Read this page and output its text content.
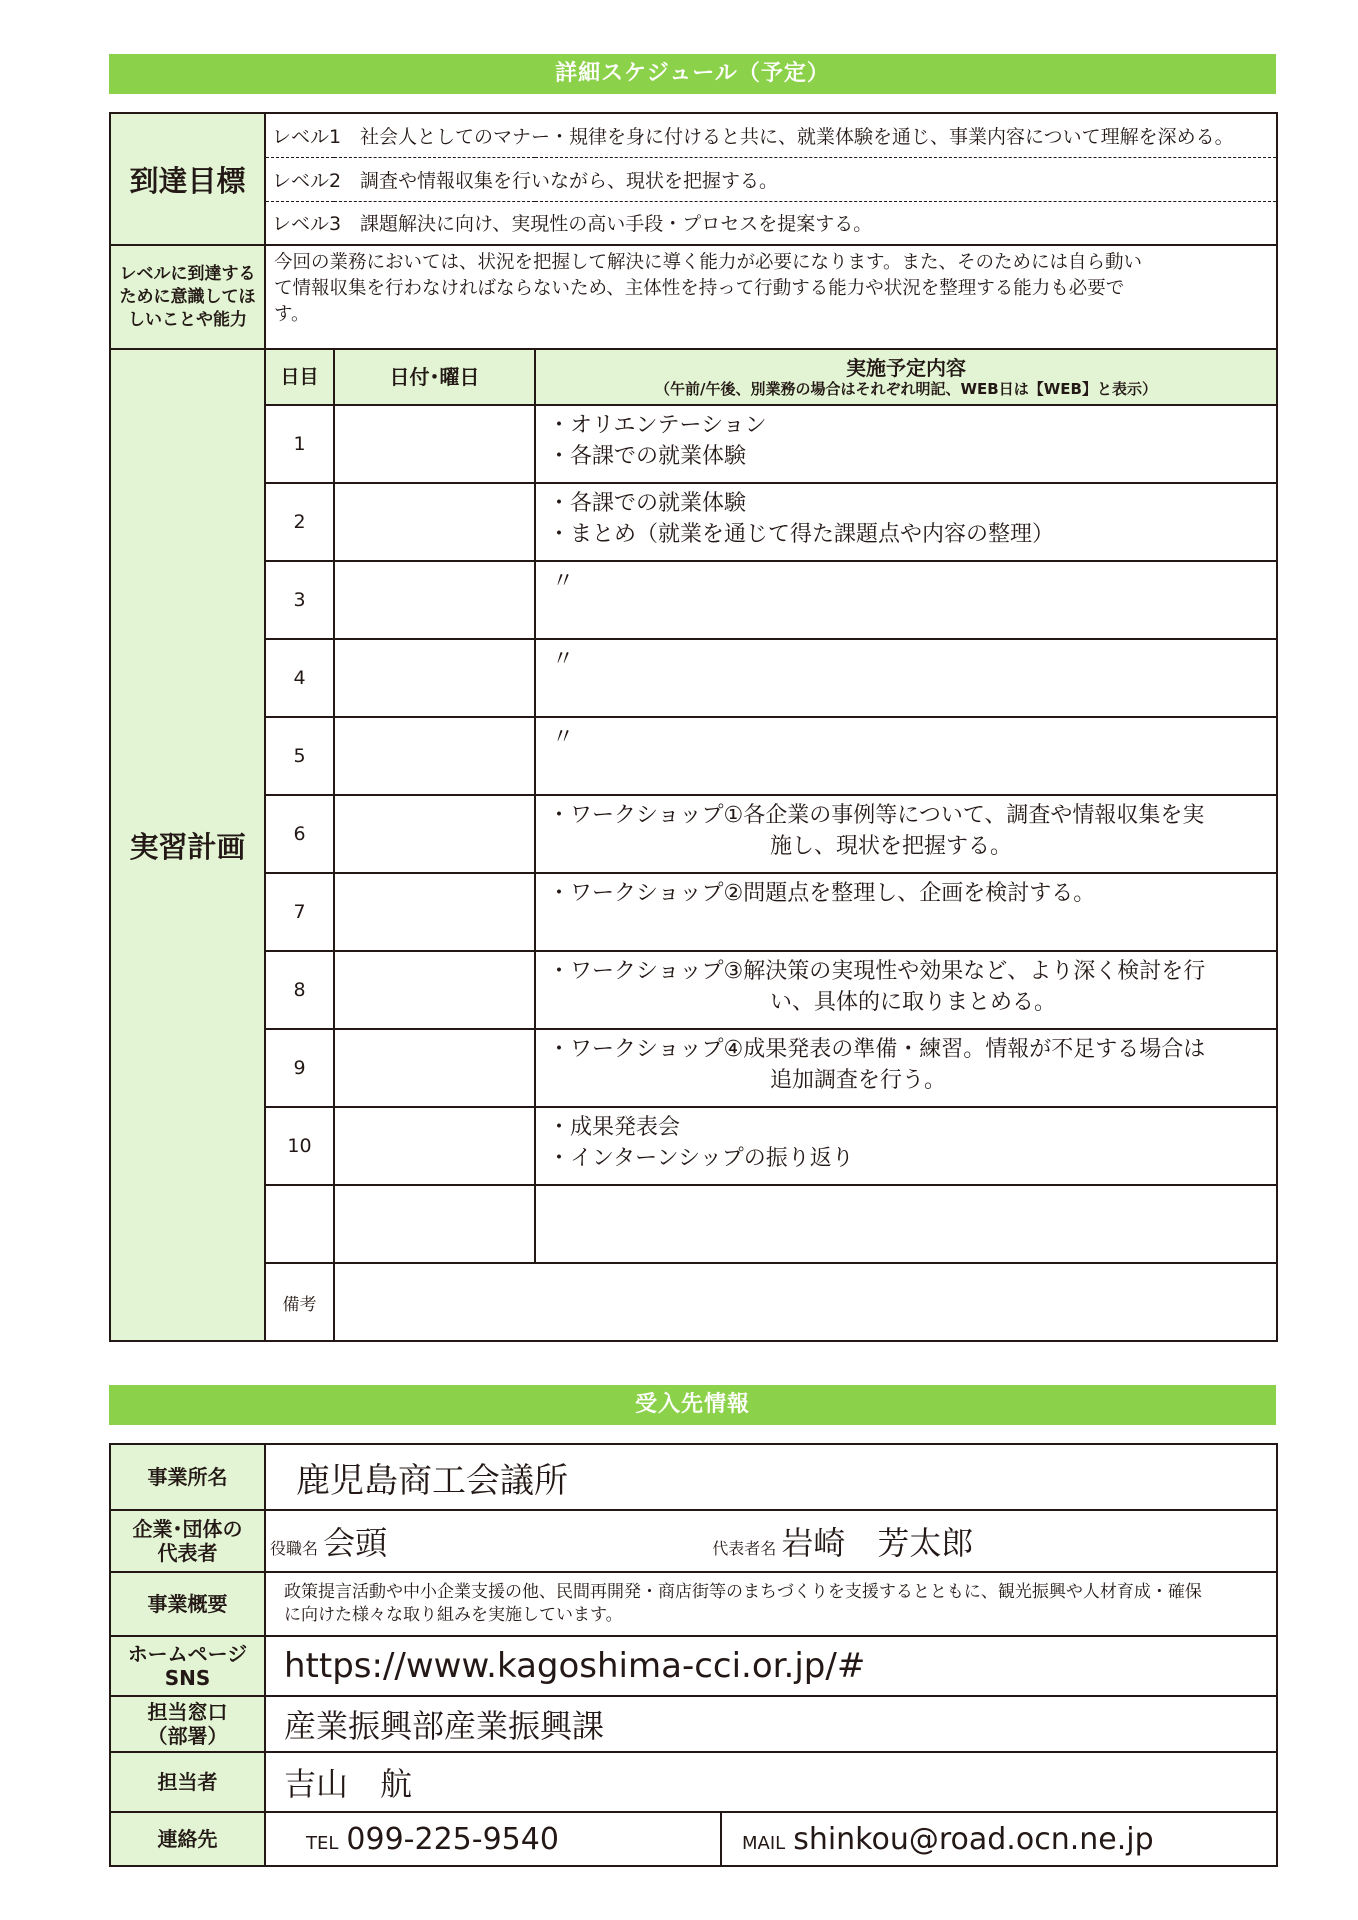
詳細スケジュール（予定）
到達目標	レベル1 社会人としてのマナー・規律を身に付けると共に、就業体験を通じ、事業内容について理解を深める。		
	レベル2 調査や情報収集を行いながら、現状を把握する。		
	レベル3 課題解決に向け、実現性の高い手段・プロセスを提案する。		

レベルに到達する
ために意識してほ
しいことや能力	今回の業務においては、状況を把握して解決に導く能力が必要になります。また、そのためには自ら動い
て情報収集を行わなければならないため、主体性を持って行動する能力や状況を整理する能力も必要で
す。		

実習計画	日目	日付･曜日	実施予定内容
（午前/午後、別業務の場合はそれぞれ明記、WEB日は【WEB】と表示）

	1		・オリエンテーション
・各課での就業体験

	2		・各課での就業体験
・まとめ（就業を通じて得た課題点や内容の整理）

	3		〃

	4		〃

	5		〃

	6		・ワークショップ①各企業の事例等について、調査や情報収集を実
施し、現状を把握する。

	7		・ワークショップ②問題点を整理し、企画を検討する。

	8		・ワークショップ③解決策の実現性や効果など、より深く検討を行
い、具体的に取りまとめる。

	9		・ワークショップ④成果発表の準備・練習。情報が不足する場合は
追加調査を行う。

	10		・成果発表会
・インターンシップの振り返り

	備考		
受入先情報
事業所名	鹿児島商工会議所	

企業･団体の
代表者	役職名 会頭 代表者名 岩崎　芳太郎	
事業概要	政策提言活動や中小企業支援の他、民間再開発・商店街等のまちづくりを支援するとともに、観光振興や人材育成・確保
に向けた様々な取り組みを実施しています。	

ホームページ
SNS	https://www.kagoshima-cci.or.jp/#	

担当窓口
（部署）	産業振興部産業振興課	
担当者	吉山　航	
連絡先	TEL 099-225-9540	MAIL shinkou@road.ocn.ne.jp
